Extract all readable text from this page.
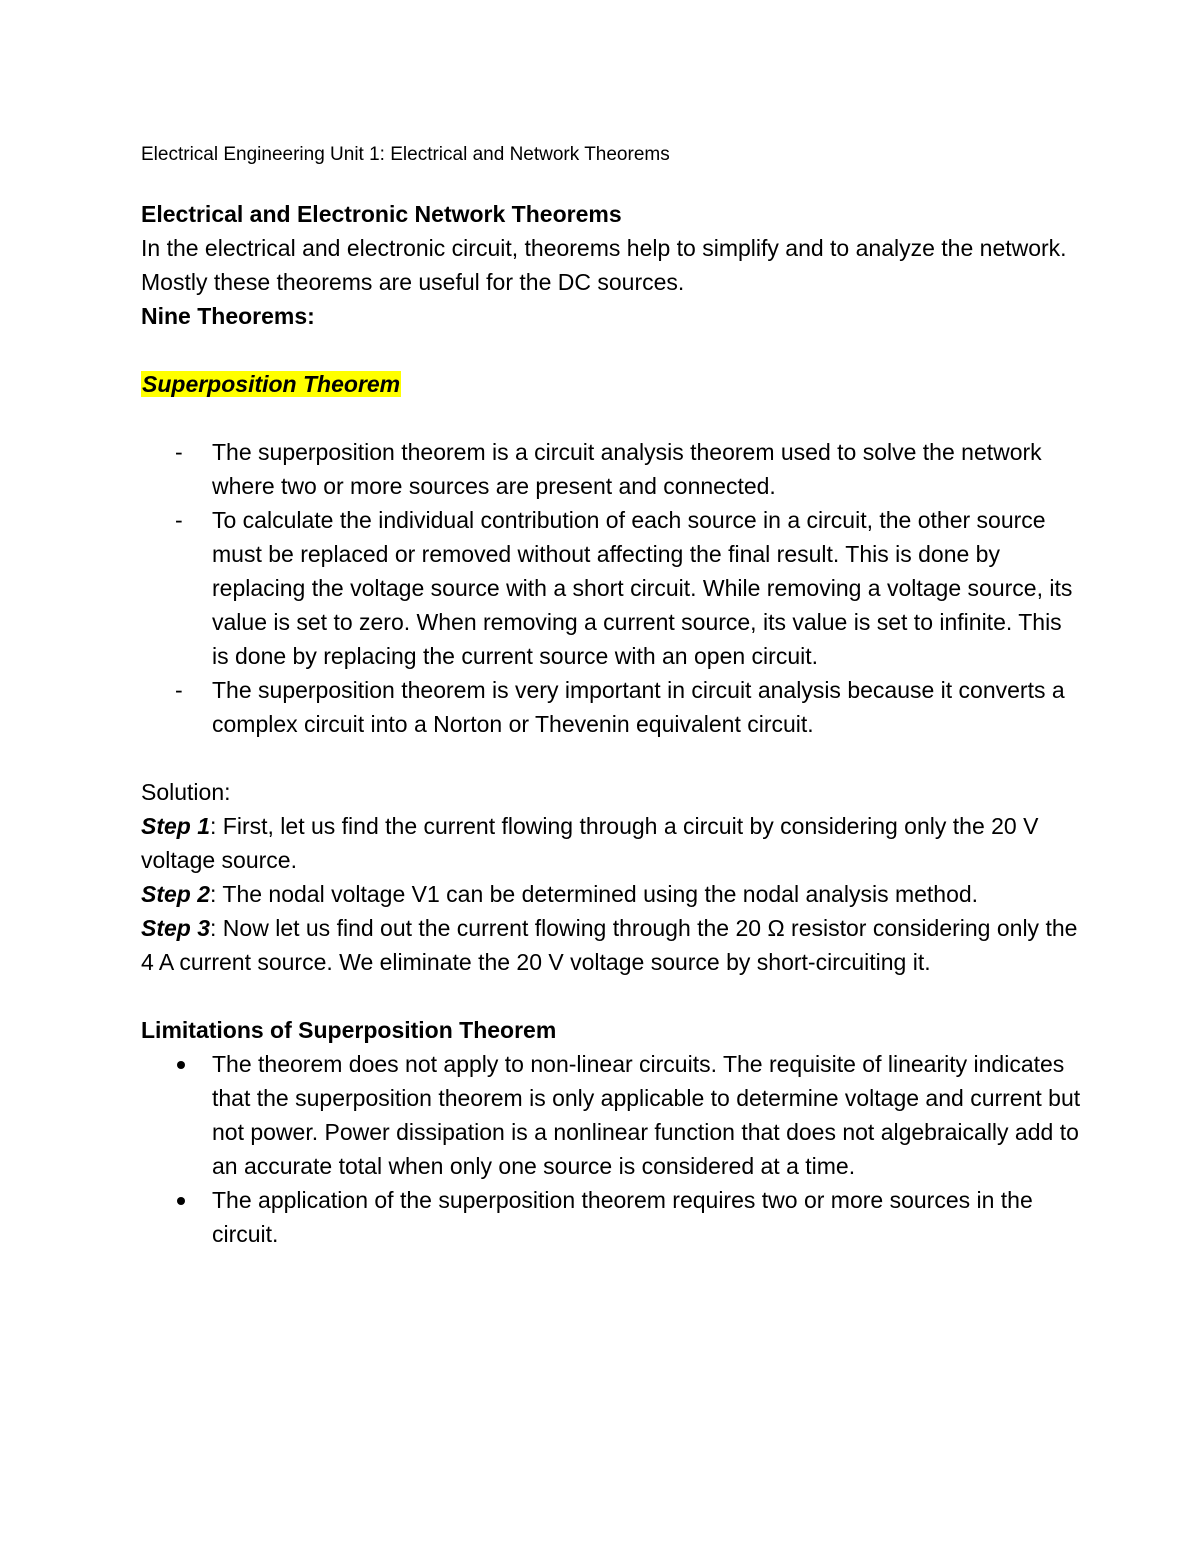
Electrical Engineering Unit 1: Electrical and Network Theorems

Electrical and Electronic Network Theorems

In the electrical and electronic circuit, theorems help to simplify and to analyze the network. Mostly these theorems are useful for the DC sources.

Nine Theorems:

Superposition Theorem

- The superposition theorem is a circuit analysis theorem used to solve the network where two or more sources are present and connected.
- To calculate the individual contribution of each source in a circuit, the other source must be replaced or removed without affecting the final result. This is done by replacing the voltage source with a short circuit. While removing a voltage source, its value is set to zero. When removing a current source, its value is set to infinite. This is done by replacing the current source with an open circuit.
- The superposition theorem is very important in circuit analysis because it converts a complex circuit into a Norton or Thevenin equivalent circuit.

Solution:

Step 1: First, let us find the current flowing through a circuit by considering only the 20 V voltage source.

Step 2: The nodal voltage V1 can be determined using the nodal analysis method.

Step 3: Now let us find out the current flowing through the 20 Ω resistor considering only the 4 A current source. We eliminate the 20 V voltage source by short-circuiting it.

Limitations of Superposition Theorem

The theorem does not apply to non-linear circuits. The requisite of linearity indicates that the superposition theorem is only applicable to determine voltage and current but not power. Power dissipation is a nonlinear function that does not algebraically add to an accurate total when only one source is considered at a time.
The application of the superposition theorem requires two or more sources in the circuit.
